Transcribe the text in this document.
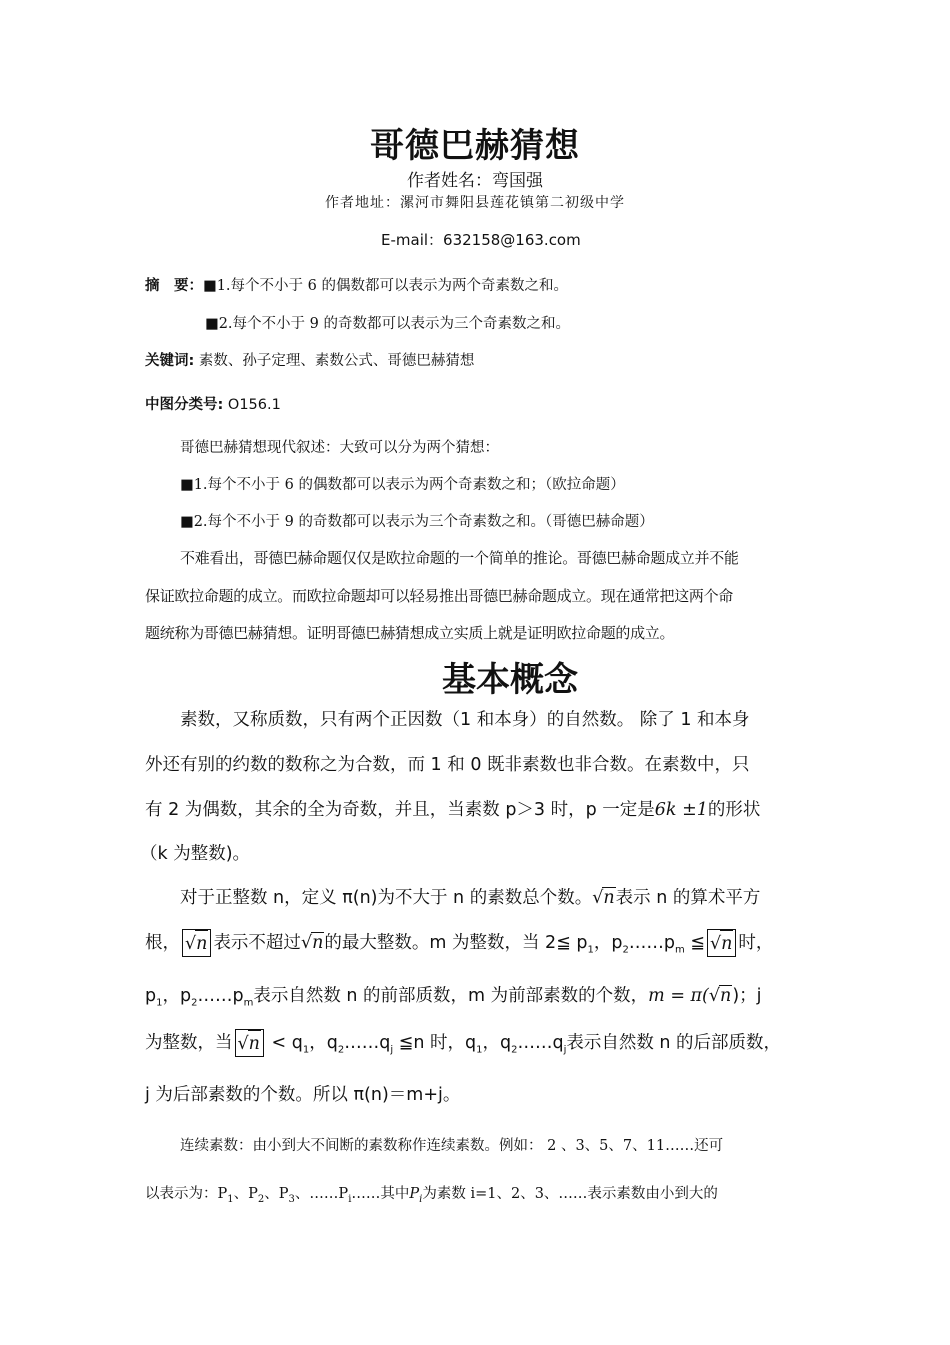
哥德巴赫猜想
作者姓名：弯国强
作者地址：漯河市舞阳县莲花镇第二初级中学
E-mail：632158@163.com
摘　要：■1.每个不小于 6 的偶数都可以表示为两个奇素数之和。
■2.每个不小于 9 的奇数都可以表示为三个奇素数之和。
关键词: 素数、孙子定理、素数公式、哥德巴赫猜想
中图分类号: O156.1
哥德巴赫猜想现代叙述：大致可以分为两个猜想：
■1.每个不小于 6 的偶数都可以表示为两个奇素数之和；（欧拉命题）
■2.每个不小于 9 的奇数都可以表示为三个奇素数之和。（哥德巴赫命题）
不难看出，哥德巴赫命题仅仅是欧拉命题的一个简单的推论。哥德巴赫命题成立并不能
保证欧拉命题的成立。而欧拉命题却可以轻易推出哥德巴赫命题成立。现在通常把这两个命
题统称为哥德巴赫猜想。证明哥德巴赫猜想成立实质上就是证明欧拉命题的成立。
基本概念
素数，又称质数，只有两个正因数（1 和本身）的自然数。 除了 1 和本身
外还有别的约数的数称之为合数，而 1 和 0 既非素数也非合数。在素数中，只
有 2 为偶数，其余的全为奇数，并且，当素数 p＞3 时，p 一定是6k ±1的形状
（k 为整数)。
对于正整数 n，定义 π(n)为不大于 n 的素数总个数。√n表示 n 的算术平方
根， √n 表示不超过√n的最大整数。m 为整数，当 2≦ $p_1$，$p_2\dots\dots p_m$ ≦ √n 时，
$p_1$，$p_2\dots\dots p_m$表示自然数 n 的前部质数，m 为前部素数的个数，m = π(√n)；j
为整数，当 $√n < q_1$，$q_2\dots\dots q_j$ ≦n 时，$q_1$，$q_2\dots\dots q_j$表示自然数 n 的后部质数，
j 为后部素数的个数。所以 π(n)＝m+j。
连续素数：由小到大不间断的素数称作连续素数。例如： 2 、3、5、7、11……还可
以表示为：$P_1$、$P_2$、$P_3$、$\dots\dots P_i\dots\dots$其中$P_i$为素数 i=1、2、3、……表示素数由小到大的
